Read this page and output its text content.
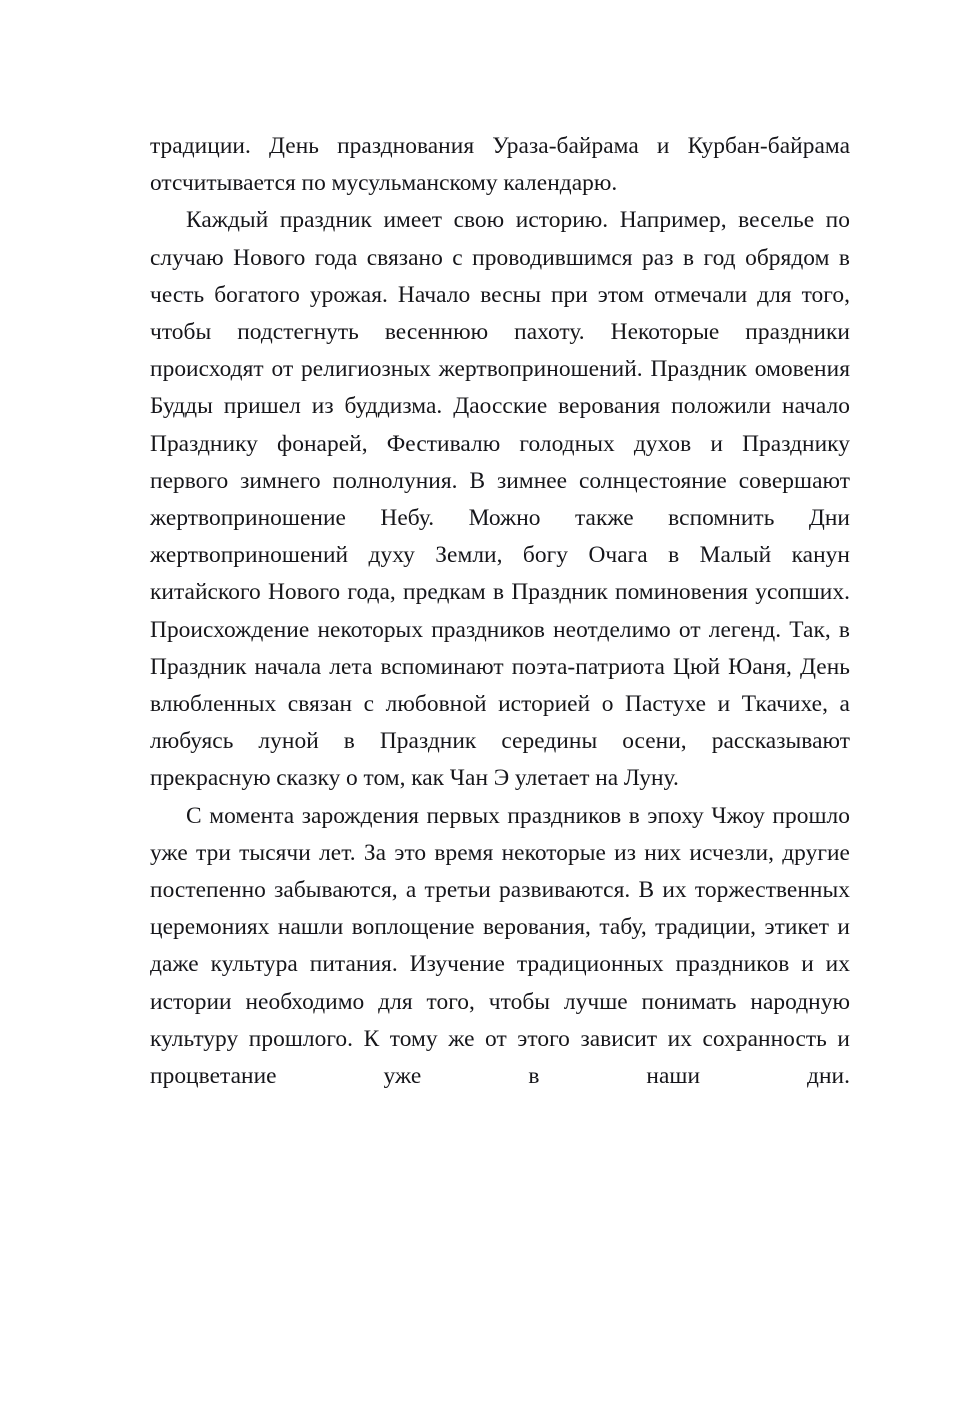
традиции. День празднования Ураза-байрама и Курбан-байрама отсчитывается по мусульманскому календарю.

Каждый праздник имеет свою историю. Например, веселье по случаю Нового года связано с проводившимся раз в год обрядом в честь богатого урожая. Начало весны при этом отмечали для того, чтобы подстегнуть весеннюю пахоту. Некоторые праздники происходят от религиозных жертвоприношений. Праздник омовения Будды пришел из буддизма. Даосские верования положили начало Празднику фонарей, Фестивалю голодных духов и Празднику первого зимнего полнолуния. В зимнее солнцестояние совершают жертвоприношение Небу. Можно также вспомнить Дни жертвоприношений духу Земли, богу Очага в Малый канун китайского Нового года, предкам в Праздник поминовения усопших. Происхождение некоторых праздников неотделимо от легенд. Так, в Праздник начала лета вспоминают поэта-патриота Цюй Юаня, День влюбленных связан с любовной историей о Пастухе и Ткачихе, а любуясь луной в Праздник середины осени, рассказывают прекрасную сказку о том, как Чан Э улетает на Луну.

С момента зарождения первых праздников в эпоху Чжоу прошло уже три тысячи лет. За это время некоторые из них исчезли, другие постепенно забываются, а третьи развиваются. В их торжественных церемониях нашли воплощение верования, табу, традиции, этикет и даже культура питания. Изучение традиционных праздников и их истории необходимо для того, чтобы лучше понимать народную культуру прошлого. К тому же от этого зависит их сохранность и процветание уже в наши дни.
